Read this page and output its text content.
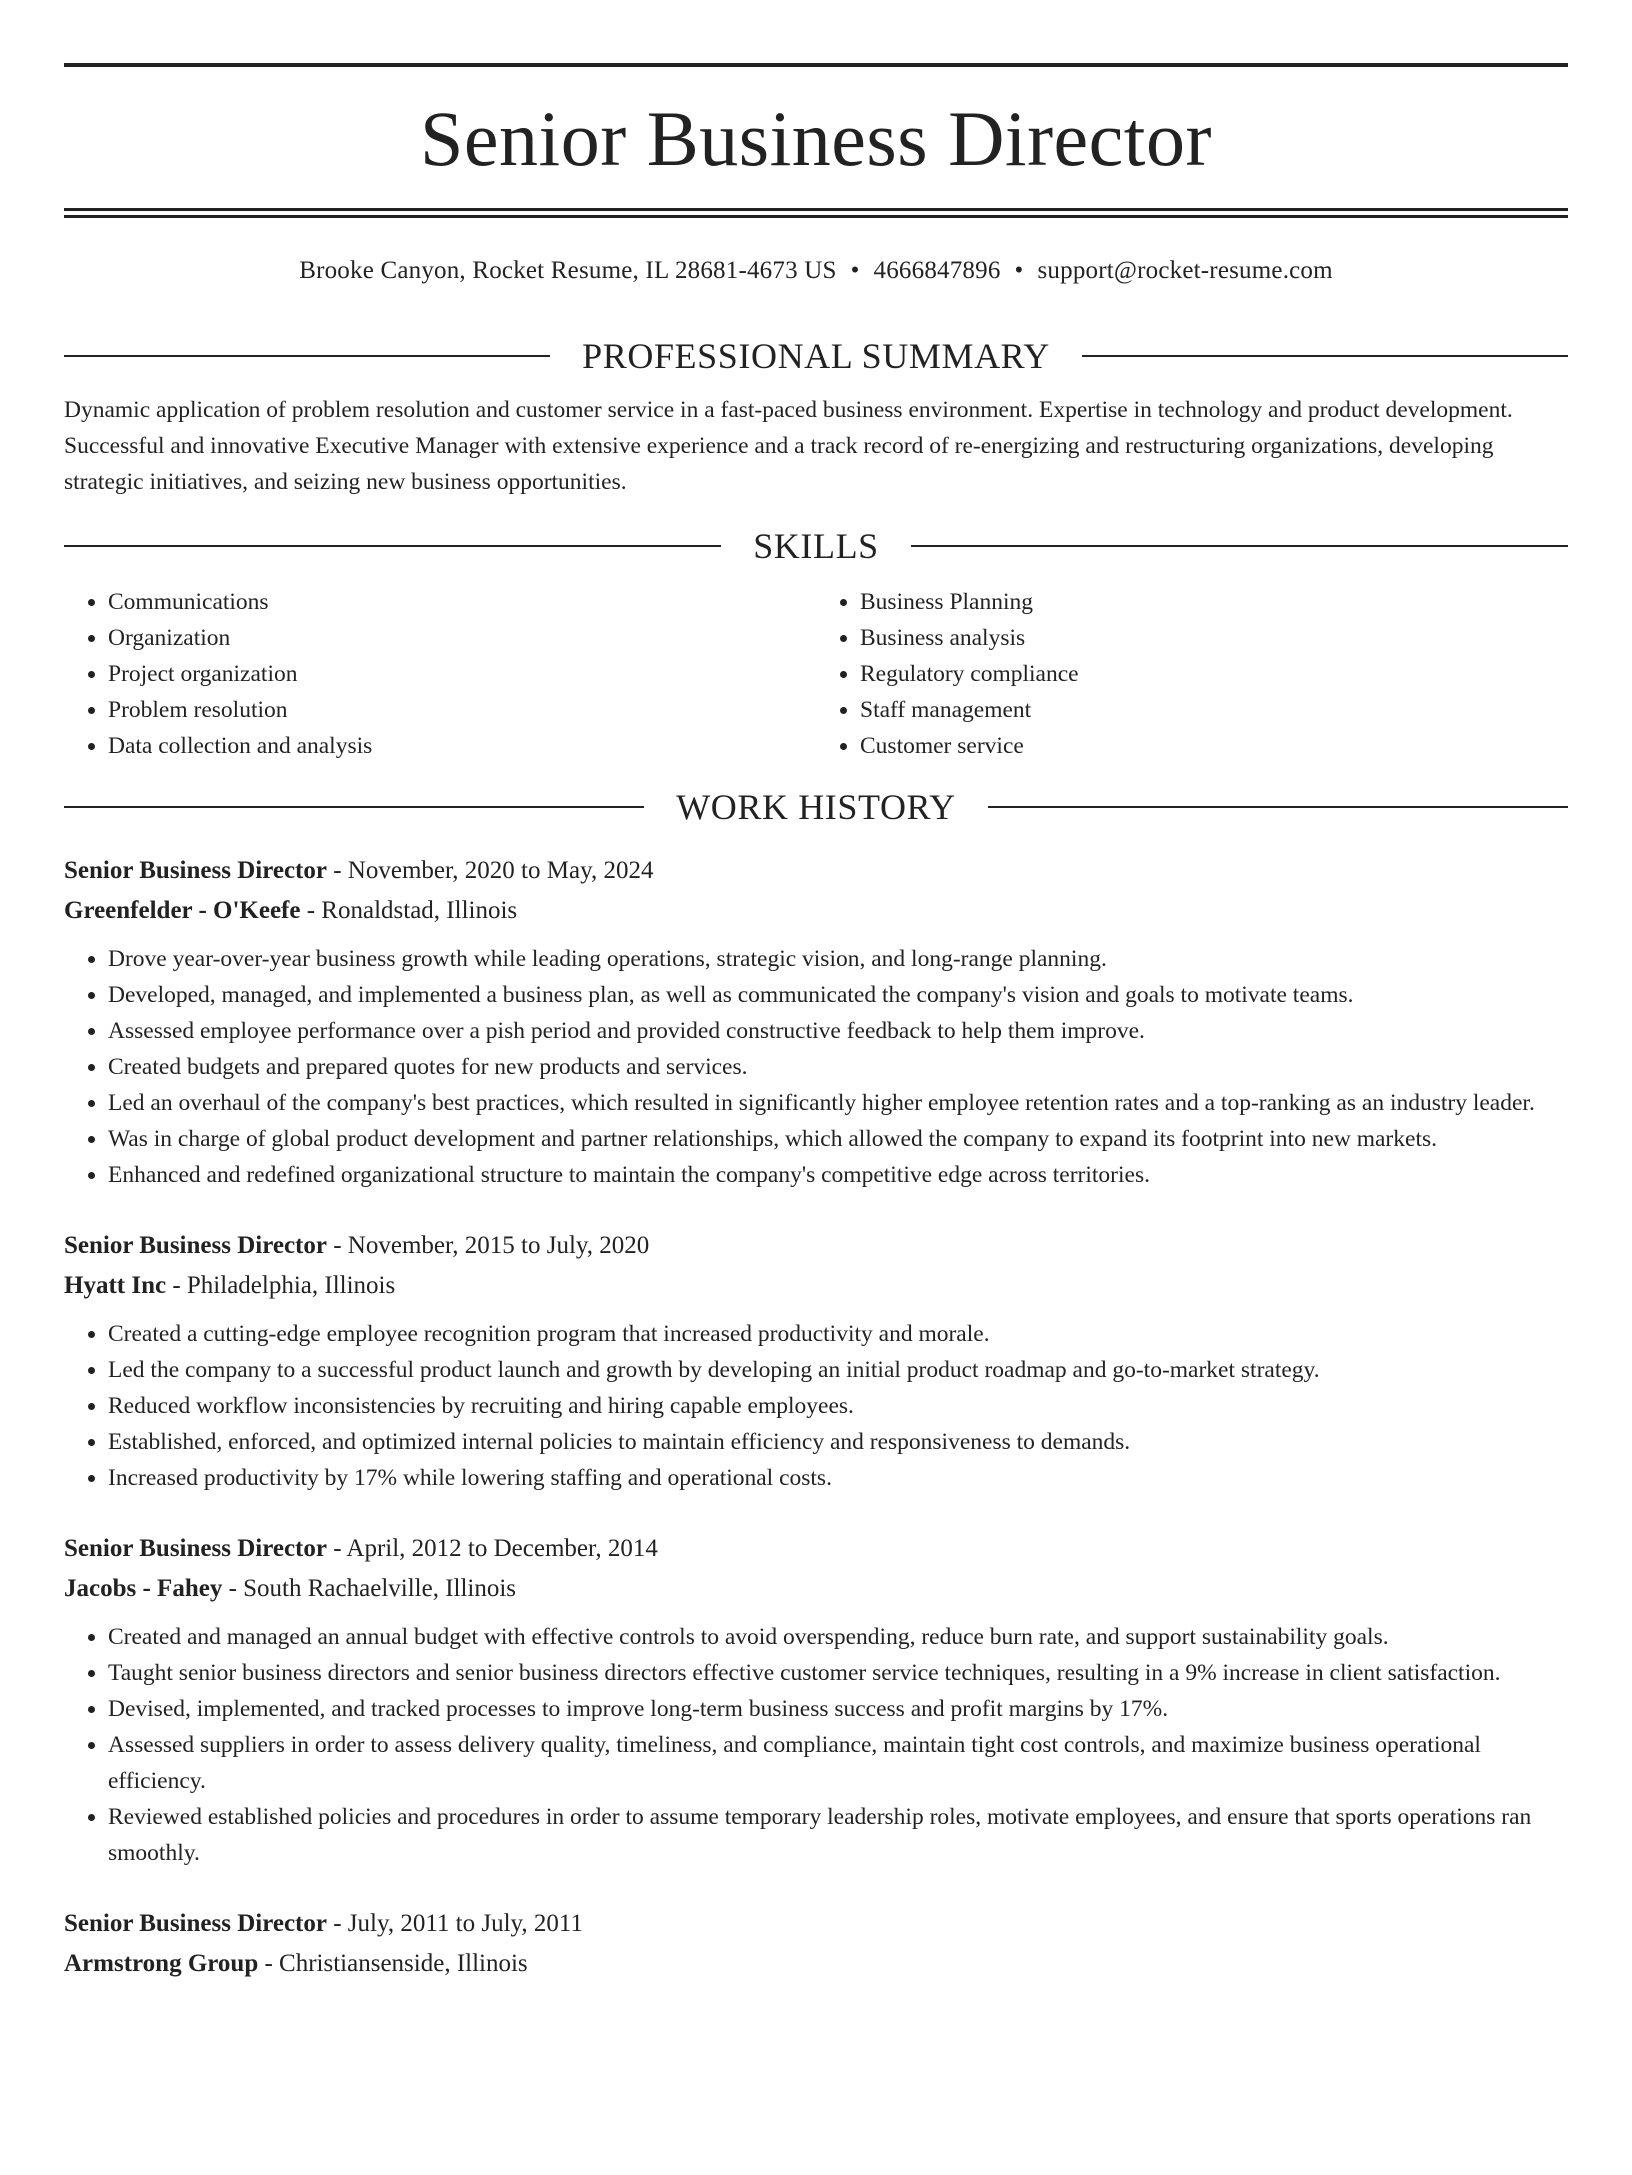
Senior Business Director
Brooke Canyon, Rocket Resume, IL 28681-4673 US • 4666847896 • support@rocket-resume.com
PROFESSIONAL SUMMARY

Dynamic application of problem resolution and customer service in a fast-paced business environment. Expertise in technology and product development. Successful and innovative Executive Manager with extensive experience and a track record of re-energizing and restructuring organizations, developing strategic initiatives, and seizing new business opportunities.

SKILLS
• Communications
• Organization
• Project organization
• Problem resolution
• Data collection and analysis
• Business Planning
• Business analysis
• Regulatory compliance
• Staff management
• Customer service
WORK HISTORY
Senior Business Director - November, 2020 to May, 2024
Greenfelder - O'Keefe - Ronaldstad, Illinois
• Drove year-over-year business growth while leading operations, strategic vision, and long-range planning.
• Developed, managed, and implemented a business plan, as well as communicated the company's vision and goals to motivate teams.
• Assessed employee performance over a pish period and provided constructive feedback to help them improve.
• Created budgets and prepared quotes for new products and services.
• Led an overhaul of the company's best practices, which resulted in significantly higher employee retention rates and a top-ranking as an industry leader.
• Was in charge of global product development and partner relationships, which allowed the company to expand its footprint into new markets.
• Enhanced and redefined organizational structure to maintain the company's competitive edge across territories.
Senior Business Director - November, 2015 to July, 2020
Hyatt Inc - Philadelphia, Illinois
• Created a cutting-edge employee recognition program that increased productivity and morale.
• Led the company to a successful product launch and growth by developing an initial product roadmap and go-to-market strategy.
• Reduced workflow inconsistencies by recruiting and hiring capable employees.
• Established, enforced, and optimized internal policies to maintain efficiency and responsiveness to demands.
• Increased productivity by 17% while lowering staffing and operational costs.
Senior Business Director - April, 2012 to December, 2014
Jacobs - Fahey - South Rachaelville, Illinois
• Created and managed an annual budget with effective controls to avoid overspending, reduce burn rate, and support sustainability goals.
• Taught senior business directors and senior business directors effective customer service techniques, resulting in a 9% increase in client satisfaction.
• Devised, implemented, and tracked processes to improve long-term business success and profit margins by 17%.
• Assessed suppliers in order to assess delivery quality, timeliness, and compliance, maintain tight cost controls, and maximize business operational efficiency.
• Reviewed established policies and procedures in order to assume temporary leadership roles, motivate employees, and ensure that sports operations ran smoothly.
Senior Business Director - July, 2011 to July, 2011
Armstrong Group - Christiansenside, Illinois
